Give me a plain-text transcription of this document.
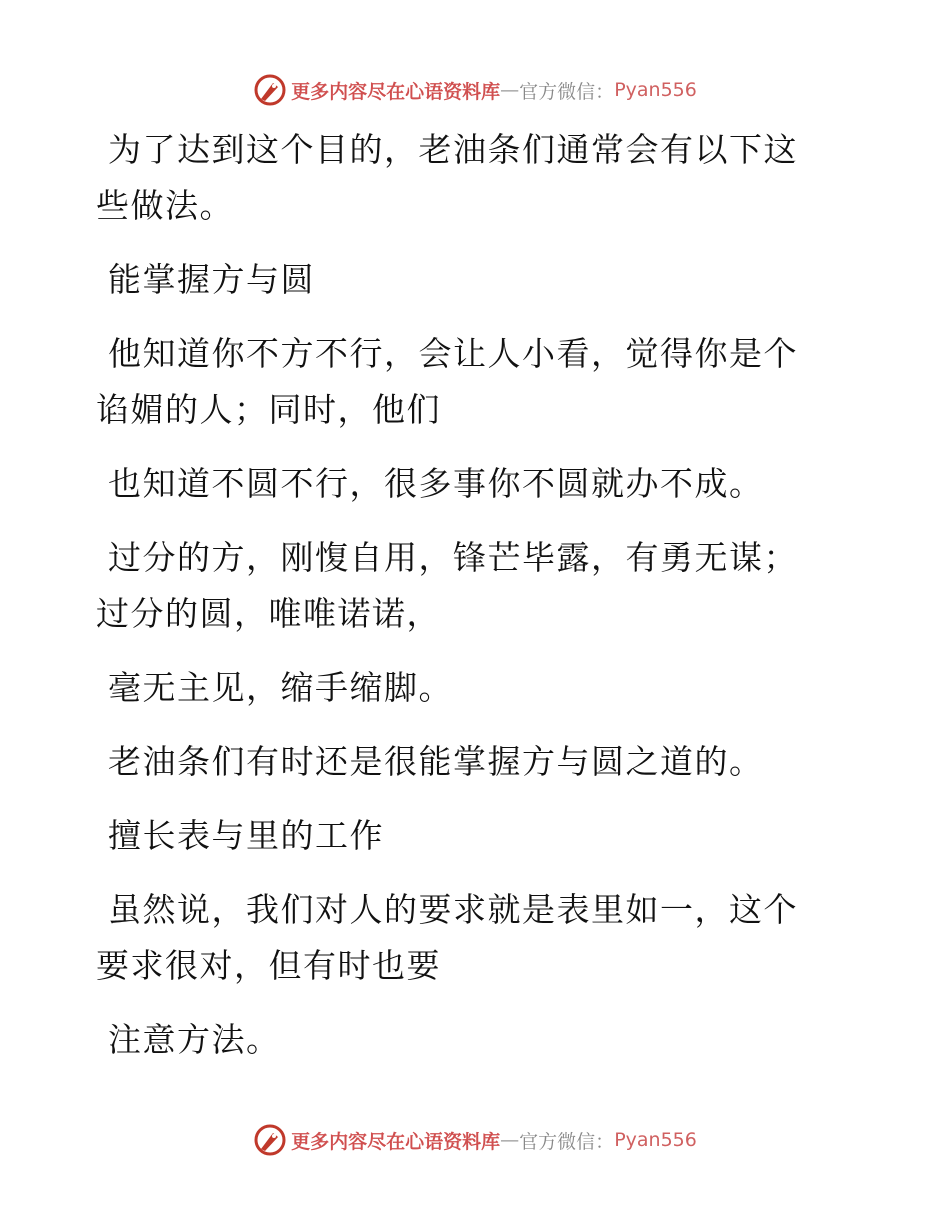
更多内容尽在心语资料库 — 官方微信： Pyan556

为了达到这个目的，老油条们通常会有以下这些做法。

能掌握方与圆

他知道你不方不行，会让人小看，觉得你是个谄媚的人；同时，他们

也知道不圆不行，很多事你不圆就办不成。

过分的方，刚愎自用，锋芒毕露，有勇无谋；过分的圆，唯唯诺诺，

毫无主见，缩手缩脚。

老油条们有时还是很能掌握方与圆之道的。

擅长表与里的工作

虽然说，我们对人的要求就是表里如一，这个要求很对，但有时也要

注意方法。

更多内容尽在心语资料库 — 官方微信： Pyan556
